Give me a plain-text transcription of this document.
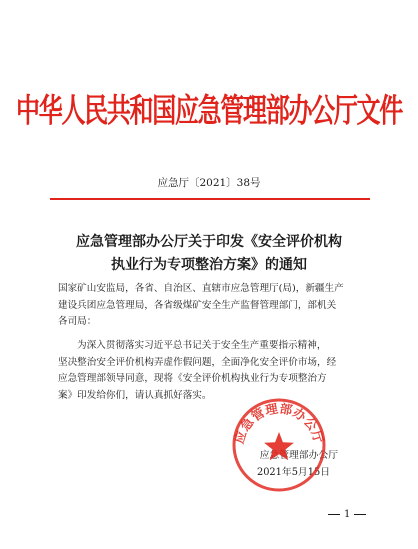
中华人民共和国应急管理部办公厅文件
应急厅〔2021〕38号
应急管理部办公厅关于印发《安全评价机构
执业行为专项整治方案》的通知
国家矿山安监局，各省、自治区、直辖市应急管理厅(局)，新疆生产
建设兵团应急管理局，各省级煤矿安全生产监督管理部门，部机关
各司局：
为深入贯彻落实习近平总书记关于安全生产重要指示精神，
坚决整治安全评价机构弄虚作假问题，全面净化安全评价市场，经
应急管理部领导同意，现将《安全评价机构执业行为专项整治方
案》印发给你们，请认真抓好落实。
应急管理部办公厅
2021年5月15日
应急管理部办公厅
1
